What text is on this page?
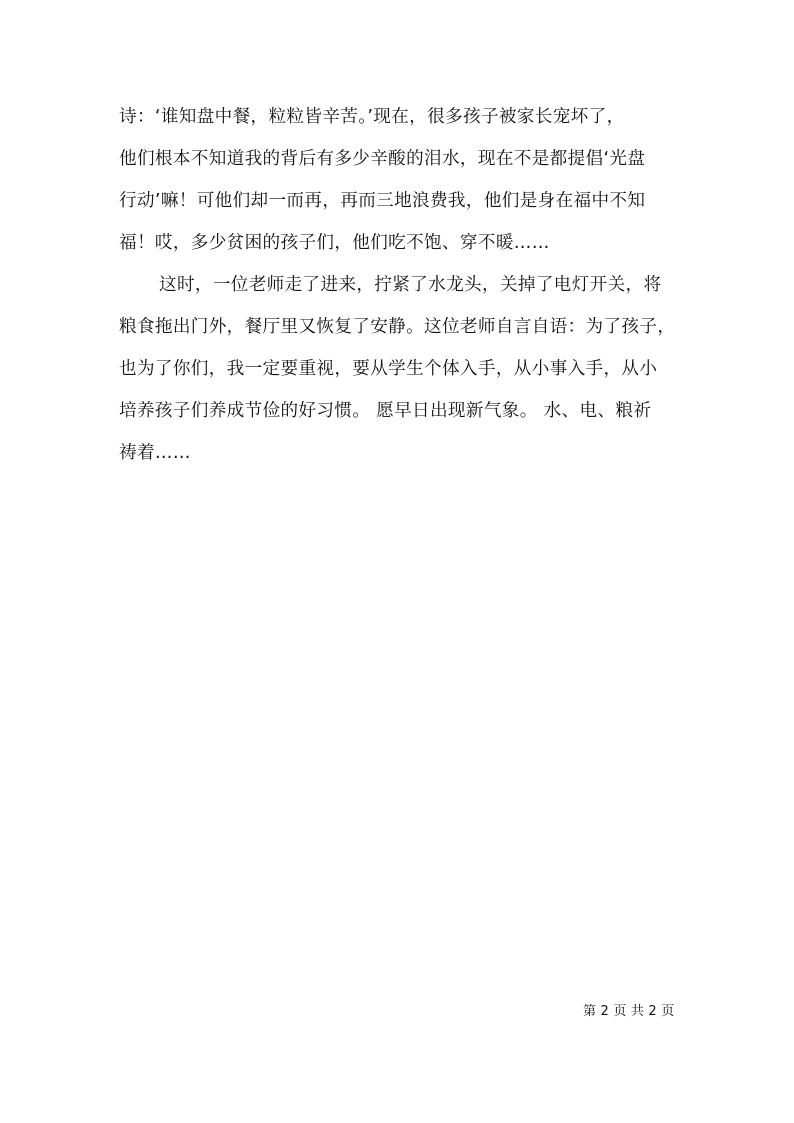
诗：‘谁知盘中餐，粒粒皆辛苦。’现在，很多孩子被家长宠坏了，
他们根本不知道我的背后有多少辛酸的泪水，现在不是都提倡‘光盘
行动’嘛！可他们却一而再，再而三地浪费我，他们是身在福中不知
福！哎，多少贫困的孩子们，他们吃不饱、穿不暖……
这时，一位老师走了进来，拧紧了水龙头，关掉了电灯开关，将
粮食拖出门外，餐厅里又恢复了安静。这位老师自言自语：为了孩子，
也为了你们，我一定要重视，要从学生个体入手，从小事入手，从小
培养孩子们养成节俭的好习惯。 愿早日出现新气象。 水、电、粮祈
祷着……
第 2 页 共 2 页
